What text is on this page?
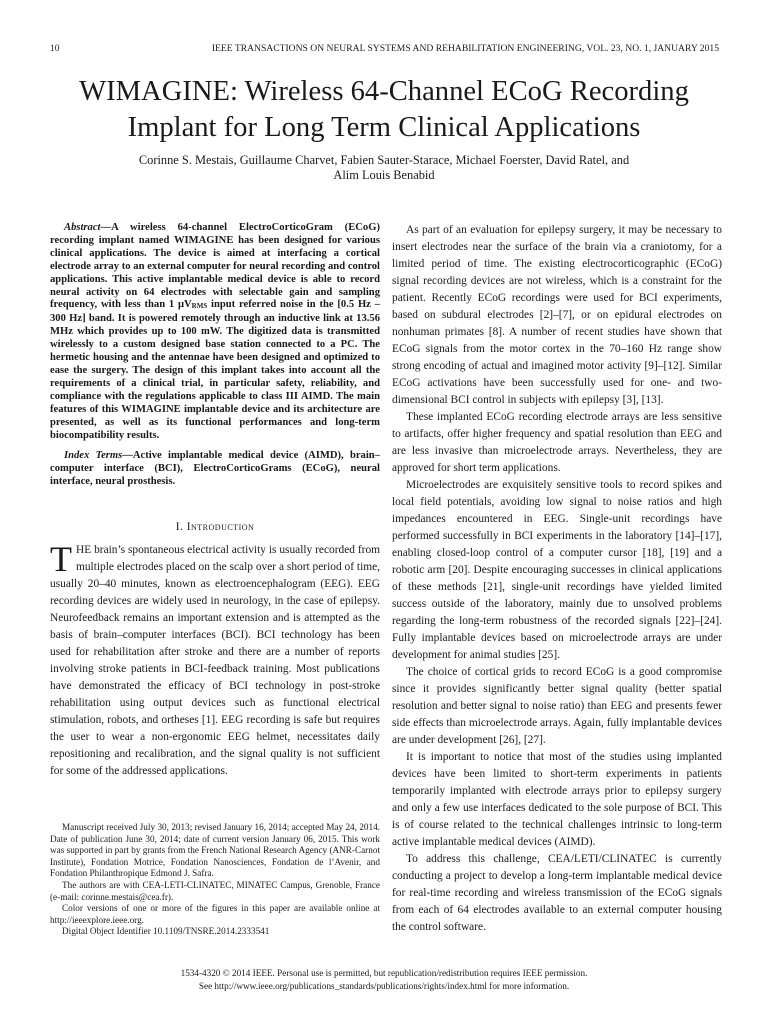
10	IEEE TRANSACTIONS ON NEURAL SYSTEMS AND REHABILITATION ENGINEERING, VOL. 23, NO. 1, JANUARY 2015
WIMAGINE: Wireless 64-Channel ECoG Recording
Implant for Long Term Clinical Applications
Corinne S. Mestais, Guillaume Charvet, Fabien Sauter-Starace, Michael Foerster, David Ratel, and
Alim Louis Benabid

Abstract—A wireless 64-channel ElectroCorticoGram (ECoG) recording implant named WIMAGINE has been designed for various clinical applications. The device is aimed at interfacing a cortical electrode array to an external computer for neural recording and control applications. This active implantable medical device is able to record neural activity on 64 electrodes with selectable gain and sampling frequency, with less than 1 μVRMS input referred noise in the [0.5 Hz – 300 Hz] band. It is powered remotely through an inductive link at 13.56 MHz which provides up to 100 mW. The digitized data is transmitted wirelessly to a custom designed base station connected to a PC. The hermetic housing and the antennae have been designed and optimized to ease the surgery. The design of this implant takes into account all the requirements of a clinical trial, in particular safety, reliability, and compliance with the regulations applicable to class III AIMD. The main features of this WIMAGINE implantable device and its architecture are presented, as well as its functional performances and long-term biocompatibility results.

Index Terms—Active implantable medical device (AIMD), brain–computer interface (BCI), ElectroCorticoGrams (ECoG), neural interface, neural prosthesis.

I. Introduction

THE brain’s spontaneous electrical activity is usually recorded from multiple electrodes placed on the scalp over a short period of time, usually 20–40 minutes, known as electroencephalogram (EEG). EEG recording devices are widely used in neurology, in the case of epilepsy. Neurofeedback remains an important extension and is attempted as the basis of brain–computer interfaces (BCI). BCI technology has been used for rehabilitation after stroke and there are a number of reports involving stroke patients in BCI-feedback training. Most publications have demonstrated the efficacy of BCI technology in post-stroke rehabilitation using output devices such as functional electrical stimulation, robots, and ortheses [1]. EEG recording is safe but requires the user to wear a non-ergonomic EEG helmet, necessitates daily repositioning and recalibration, and the signal quality is not sufficient for some of the addressed applications.

As part of an evaluation for epilepsy surgery, it may be necessary to insert electrodes near the surface of the brain via a craniotomy, for a limited period of time. The existing electrocorticographic (ECoG) signal recording devices are not wireless, which is a constraint for the patient. Recently ECoG recordings were used for BCI experiments, based on subdural electrodes [2]–[7], or on epidural electrodes on nonhuman primates [8]. A number of recent studies have shown that ECoG signals from the motor cortex in the 70–160 Hz range show strong encoding of actual and imagined motor activity [9]–[12]. Similar ECoG activations have been successfully used for one- and two-dimensional BCI control in subjects with epilepsy [3], [13].

These implanted ECoG recording electrode arrays are less sensitive to artifacts, offer higher frequency and spatial resolution than EEG and are less invasive than microelectrode arrays. Nevertheless, they are approved for short term applications.

Microelectrodes are exquisitely sensitive tools to record spikes and local field potentials, avoiding low signal to noise ratios and high impedances encountered in EEG. Single-unit recordings have performed successfully in BCI experiments in the laboratory [14]–[17], enabling closed-loop control of a computer cursor [18], [19] and a robotic arm [20]. Despite encouraging successes in clinical applications of these methods [21], single-unit recordings have yielded limited success outside of the laboratory, mainly due to unsolved problems regarding the long-term robustness of the recorded signals [22]–[24]. Fully implantable devices based on microelectrode arrays are under development for animal studies [25].

The choice of cortical grids to record ECoG is a good compromise since it provides significantly better signal quality (better spatial resolution and better signal to noise ratio) than EEG and presents fewer side effects than microelectrode arrays. Again, fully implantable devices are under development [26], [27].

It is important to notice that most of the studies using implanted devices have been limited to short-term experiments in patients temporarily implanted with electrode arrays prior to epilepsy surgery and only a few use interfaces dedicated to the sole purpose of BCI. This is of course related to the technical challenges intrinsic to long-term active implantable medical devices (AIMD).

To address this challenge, CEA/LETI/CLINATEC is currently conducting a project to develop a long-term implantable medical device for real-time recording and wireless transmission of the ECoG signals from each of 64 electrodes available to an external computer housing the control software.

Manuscript received July 30, 2013; revised January 16, 2014; accepted May 24, 2014. Date of publication June 30, 2014; date of current version January 06, 2015. This work was supported in part by grants from the French National Research Agency (ANR-Carnot Institute), Fondation Motrice, Fondation Nanosciences, Fondation de l’Avenir, and Fondation Philanthropique Edmond J. Safra.

The authors are with CEA-LETI-CLINATEC, MINATEC Campus, Grenoble, France (e-mail: corinne.mestais@cea.fr).

Color versions of one or more of the figures in this paper are available online at http://ieeexplore.ieee.org.

Digital Object Identifier 10.1109/TNSRE.2014.2333541

1534-4320 © 2014 IEEE. Personal use is permitted, but republication/redistribution requires IEEE permission.
See http://www.ieee.org/publications_standards/publications/rights/index.html for more information.
